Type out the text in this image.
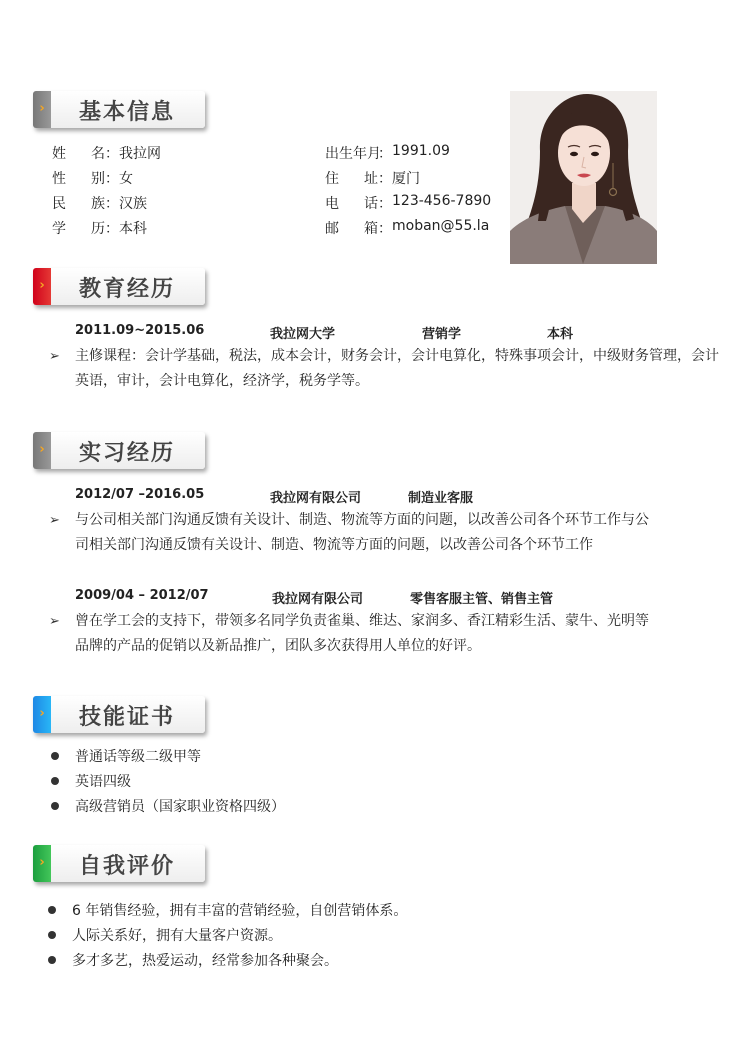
› 基本信息
姓 名 ： 我拉网
性 别 ： 女
民 族 ： 汉族
学 历 ： 本科
出生年月
： 1991.09
住 址 ： 厦门
电 话 ： 123-456-7890
邮 箱 ： moban@55.la
› 教育经历
2011.09~2015.06	我拉网大学	营销学	本科
➢ 主修课程：会计学基础，税法，成本会计，财务会计，会计电算化，特殊事项会计，中级财务管理，会计
英语，审计，会计电算化，经济学，税务学等。
› 实习经历
2012/07 –2016.05	我拉网有限公司	制造业客服
➢ 与公司相关部门沟通反馈有关设计、制造、物流等方面的问题，以改善公司各个环节工作与公
司相关部门沟通反馈有关设计、制造、物流等方面的问题，以改善公司各个环节工作
2009/04 – 2012/07	我拉网有限公司	零售客服主管、销售主管
➢ 曾在学工会的支持下，带领多名同学负责雀巢、维达、家润多、香江精彩生活、蒙牛、光明等
品牌的产品的促销以及新品推广，团队多次获得用人单位的好评。
› 技能证书
普通话等级二级甲等
英语四级
高级营销员（国家职业资格四级）
› 自我评价
6 年销售经验，拥有丰富的营销经验，自创营销体系。
人际关系好，拥有大量客户资源。
多才多艺，热爱运动，经常参加各种聚会。
